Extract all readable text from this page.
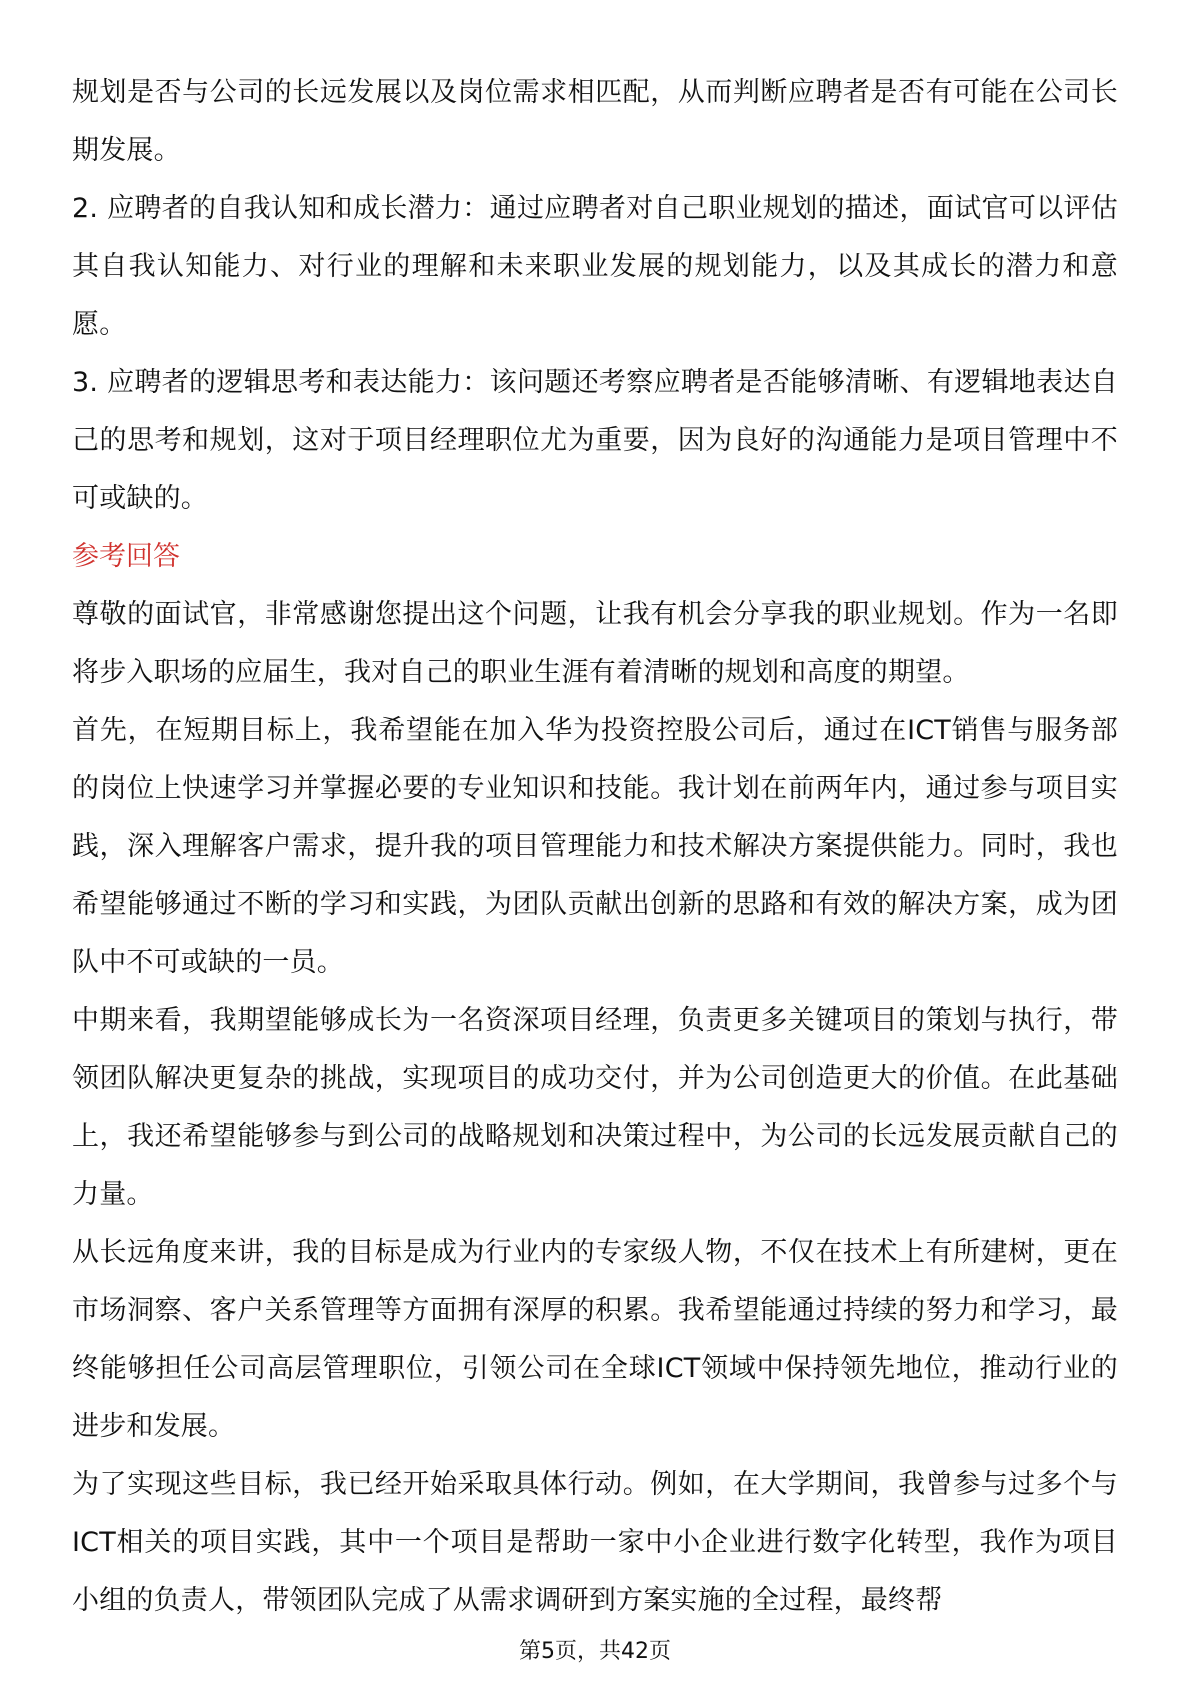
规划是否与公司的长远发展以及岗位需求相匹配，从而判断应聘者是否有可能在公司长期发展。

2. 应聘者的自我认知和成长潜力：通过应聘者对自己职业规划的描述，面试官可以评估其自我认知能力、对行业的理解和未来职业发展的规划能力，以及其成长的潜力和意愿。

3. 应聘者的逻辑思考和表达能力：该问题还考察应聘者是否能够清晰、有逻辑地表达自己的思考和规划，这对于项目经理职位尤为重要，因为良好的沟通能力是项目管理中不可或缺的。

参考回答

尊敬的面试官，非常感谢您提出这个问题，让我有机会分享我的职业规划。作为一名即将步入职场的应届生，我对自己的职业生涯有着清晰的规划和高度的期望。

首先，在短期目标上，我希望能在加入华为投资控股公司后，通过在ICT销售与服务部的岗位上快速学习并掌握必要的专业知识和技能。我计划在前两年内，通过参与项目实践，深入理解客户需求，提升我的项目管理能力和技术解决方案提供能力。同时，我也希望能够通过不断的学习和实践，为团队贡献出创新的思路和有效的解决方案，成为团队中不可或缺的一员。

中期来看，我期望能够成长为一名资深项目经理，负责更多关键项目的策划与执行，带领团队解决更复杂的挑战，实现项目的成功交付，并为公司创造更大的价值。在此基础上，我还希望能够参与到公司的战略规划和决策过程中，为公司的长远发展贡献自己的力量。

从长远角度来讲，我的目标是成为行业内的专家级人物，不仅在技术上有所建树，更在市场洞察、客户关系管理等方面拥有深厚的积累。我希望能通过持续的努力和学习，最终能够担任公司高层管理职位，引领公司在全球ICT领域中保持领先地位，推动行业的进步和发展。

为了实现这些目标，我已经开始采取具体行动。例如，在大学期间，我曾参与过多个与ICT相关的项目实践，其中一个项目是帮助一家中小企业进行数字化转型，我作为项目小组的负责人，带领团队完成了从需求调研到方案实施的全过程，最终帮

第5页，共42页
